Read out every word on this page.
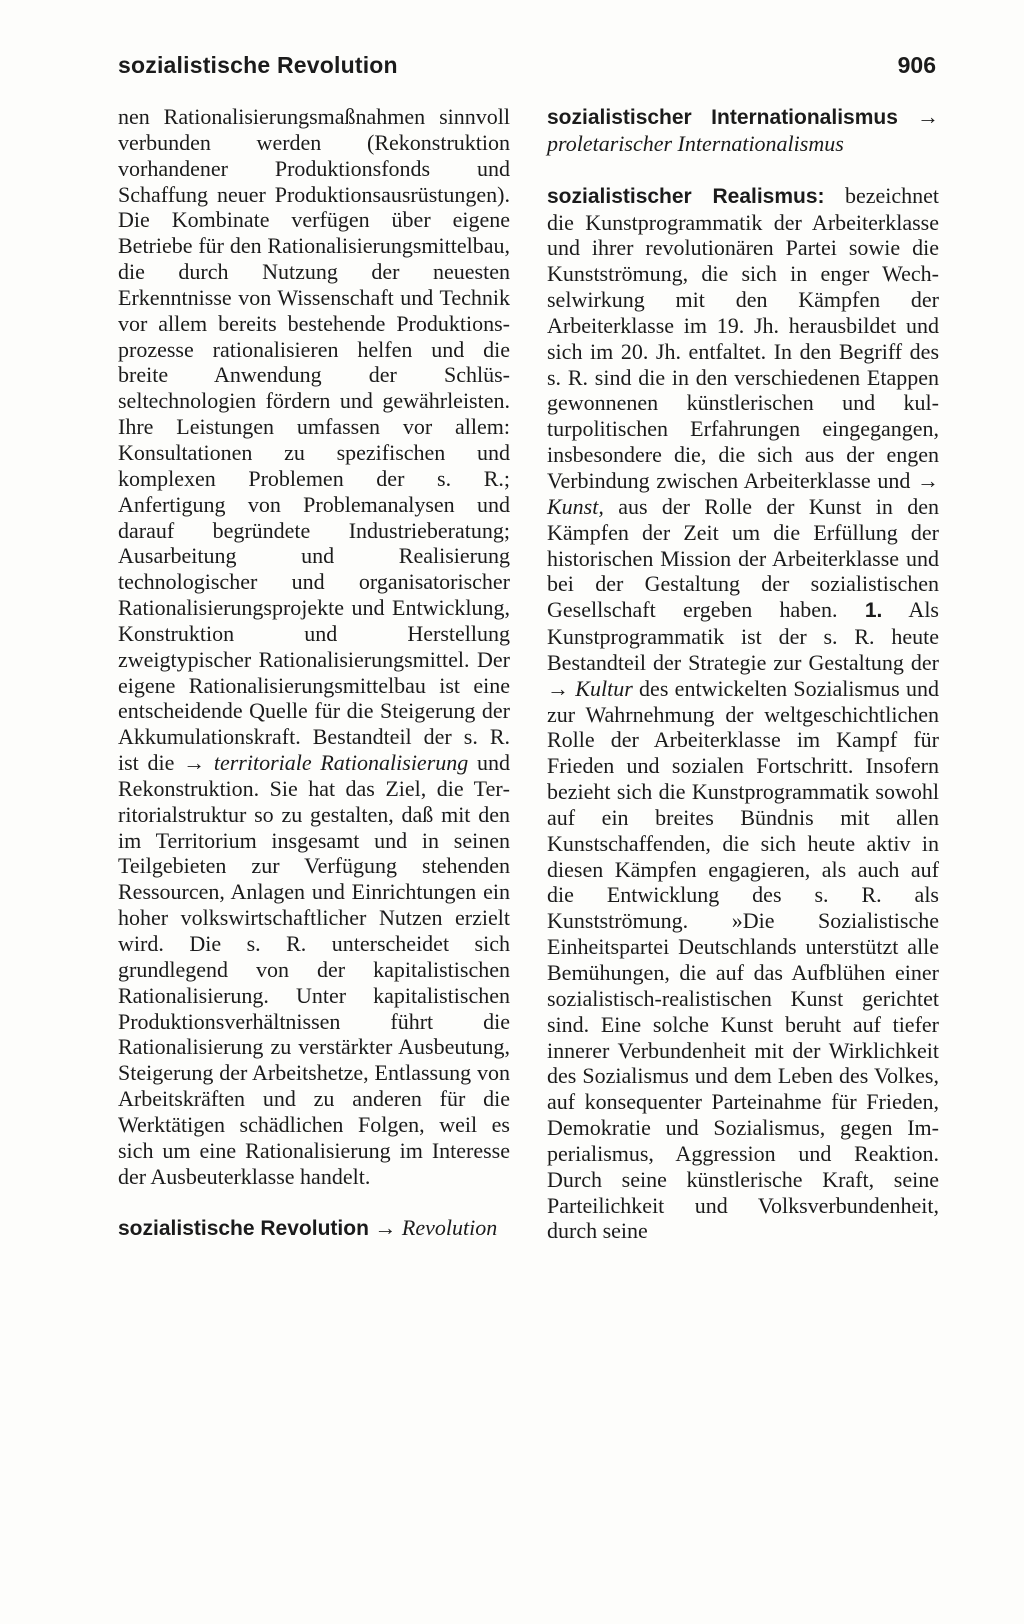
sozialistische Revolution	906

nen Rationalisierungsmaßnahmen sinnvoll verbunden werden (Rekonstruktion vorhandener Produktionsfonds und Schaffung neuer Produktionsausrüstungen). Die Kombinate verfügen über eigene Betriebe für den Rationalisierungsmittelbau, die durch Nutzung der neuesten Erkenntnisse von Wissenschaft und Technik vor allem bereits bestehende Produktionsprozesse rationalisieren helfen und die breite Anwendung der Schlüsseltechnologien fördern und gewährleisten. Ihre Leistungen umfassen vor allem: Konsultationen zu spezifischen und komplexen Problemen der s. R.; Anfertigung von Problemanalysen und darauf begründete Industrieberatung; Ausarbeitung und Realisierung technologischer und organisatorischer Rationalisierungsprojekte und Entwicklung, Konstruktion und Herstellung zweigtypischer Rationalisierungsmittel. Der eigene Rationalisierungsmittelbau ist eine entscheidende Quelle für die Steigerung der Akkumulationskraft. Bestandteil der s. R. ist die → territoriale Rationalisierung und Rekonstruktion. Sie hat das Ziel, die Territorialstruktur so zu gestalten, daß mit den im Territorium insgesamt und in seinen Teilgebieten zur Verfügung stehenden Ressourcen, Anlagen und Einrichtungen ein hoher volkswirtschaftlicher Nutzen erzielt wird. Die s. R. unterscheidet sich grundlegend von der kapitalistischen Rationalisierung. Unter kapitalistischen Produktionsverhältnissen führt die Rationalisierung zu verstärkter Ausbeutung, Steigerung der Arbeitshetze, Entlassung von Arbeitskräften und zu anderen für die Werktätigen schädlichen Folgen, weil es sich um eine Rationalisierung im Interesse der Ausbeuterklasse handelt.

sozialistische Revolution → Revolution

sozialistischer Internationalismus → proletarischer Internationalismus

sozialistischer Realismus: bezeichnet die Kunstprogrammatik der Arbeiterklasse und ihrer revolutionären Partei sowie die Kunstströmung, die sich in enger Wechselwirkung mit den Kämpfen der Arbeiterklasse im 19. Jh. herausbildet und sich im 20. Jh. entfaltet. In den Begriff des s. R. sind die in den verschiedenen Etappen gewonnenen künstlerischen und kulturpolitischen Erfahrungen eingegangen, insbesondere die, die sich aus der engen Verbindung zwischen Arbeiterklasse und → Kunst, aus der Rolle der Kunst in den Kämpfen der Zeit um die Erfüllung der historischen Mission der Arbeiterklasse und bei der Gestaltung der sozialistischen Gesellschaft ergeben haben. 1. Als Kunstprogrammatik ist der s. R. heute Bestandteil der Strategie zur Gestaltung der → Kultur des entwickelten Sozialismus und zur Wahrnehmung der weltgeschichtlichen Rolle der Arbeiterklasse im Kampf für Frieden und sozialen Fortschritt. Insofern bezieht sich die Kunstprogrammatik sowohl auf ein breites Bündnis mit allen Kunstschaffenden, die sich heute aktiv in diesen Kämpfen engagieren, als auch auf die Entwicklung des s. R. als Kunstströmung. »Die Sozialistische Einheitspartei Deutschlands unterstützt alle Bemühungen, die auf das Aufblühen einer sozialistisch-realistischen Kunst gerichtet sind. Eine solche Kunst beruht auf tiefer innerer Verbundenheit mit der Wirklichkeit des Sozialismus und dem Leben des Volkes, auf konsequenter Parteinahme für Frieden, Demokratie und Sozialismus, gegen Imperialismus, Aggression und Reaktion. Durch seine künstlerische Kraft, seine Parteilichkeit und Volksverbundenheit, durch seine
